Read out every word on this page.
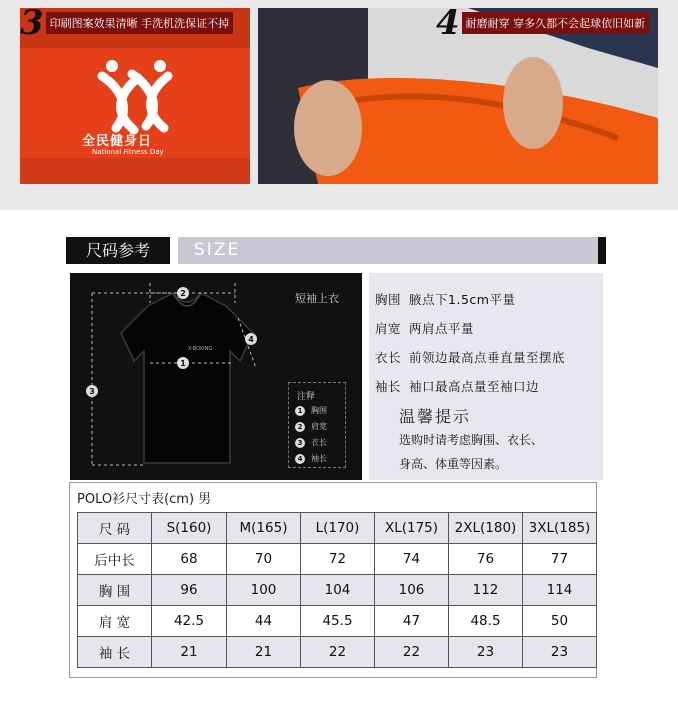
全民健身日
National Fitness Day
3 印刷图案效果清晰 手洗机洗保证不掉	4 耐磨耐穿 穿多久都不会起球依旧如新
尺码参考	SIZE
1
2
3
4
X-BOXING
短袖上衣
注释
1	胸围
2	肩宽
3	衣长
4	袖长
胸围 腋点下1.5cm平量
肩宽 两肩点平量
衣长 前领边最高点垂直量至摆底
袖长 袖口最高点量至袖口边
温馨提示
选购时请考虑胸围、衣长、
身高、体重等因素。
POLO衫尺寸表(cm) 男
尺 码	S(160)	M(165)	L(170)	XL(175)	2XL(180)	3XL(185)
后中长	68	70	72	74	76	77
胸 围	96	100	104	106	112	114
肩 宽	42.5	44	45.5	47	48.5	50
袖 长	21	21	22	22	23	23
